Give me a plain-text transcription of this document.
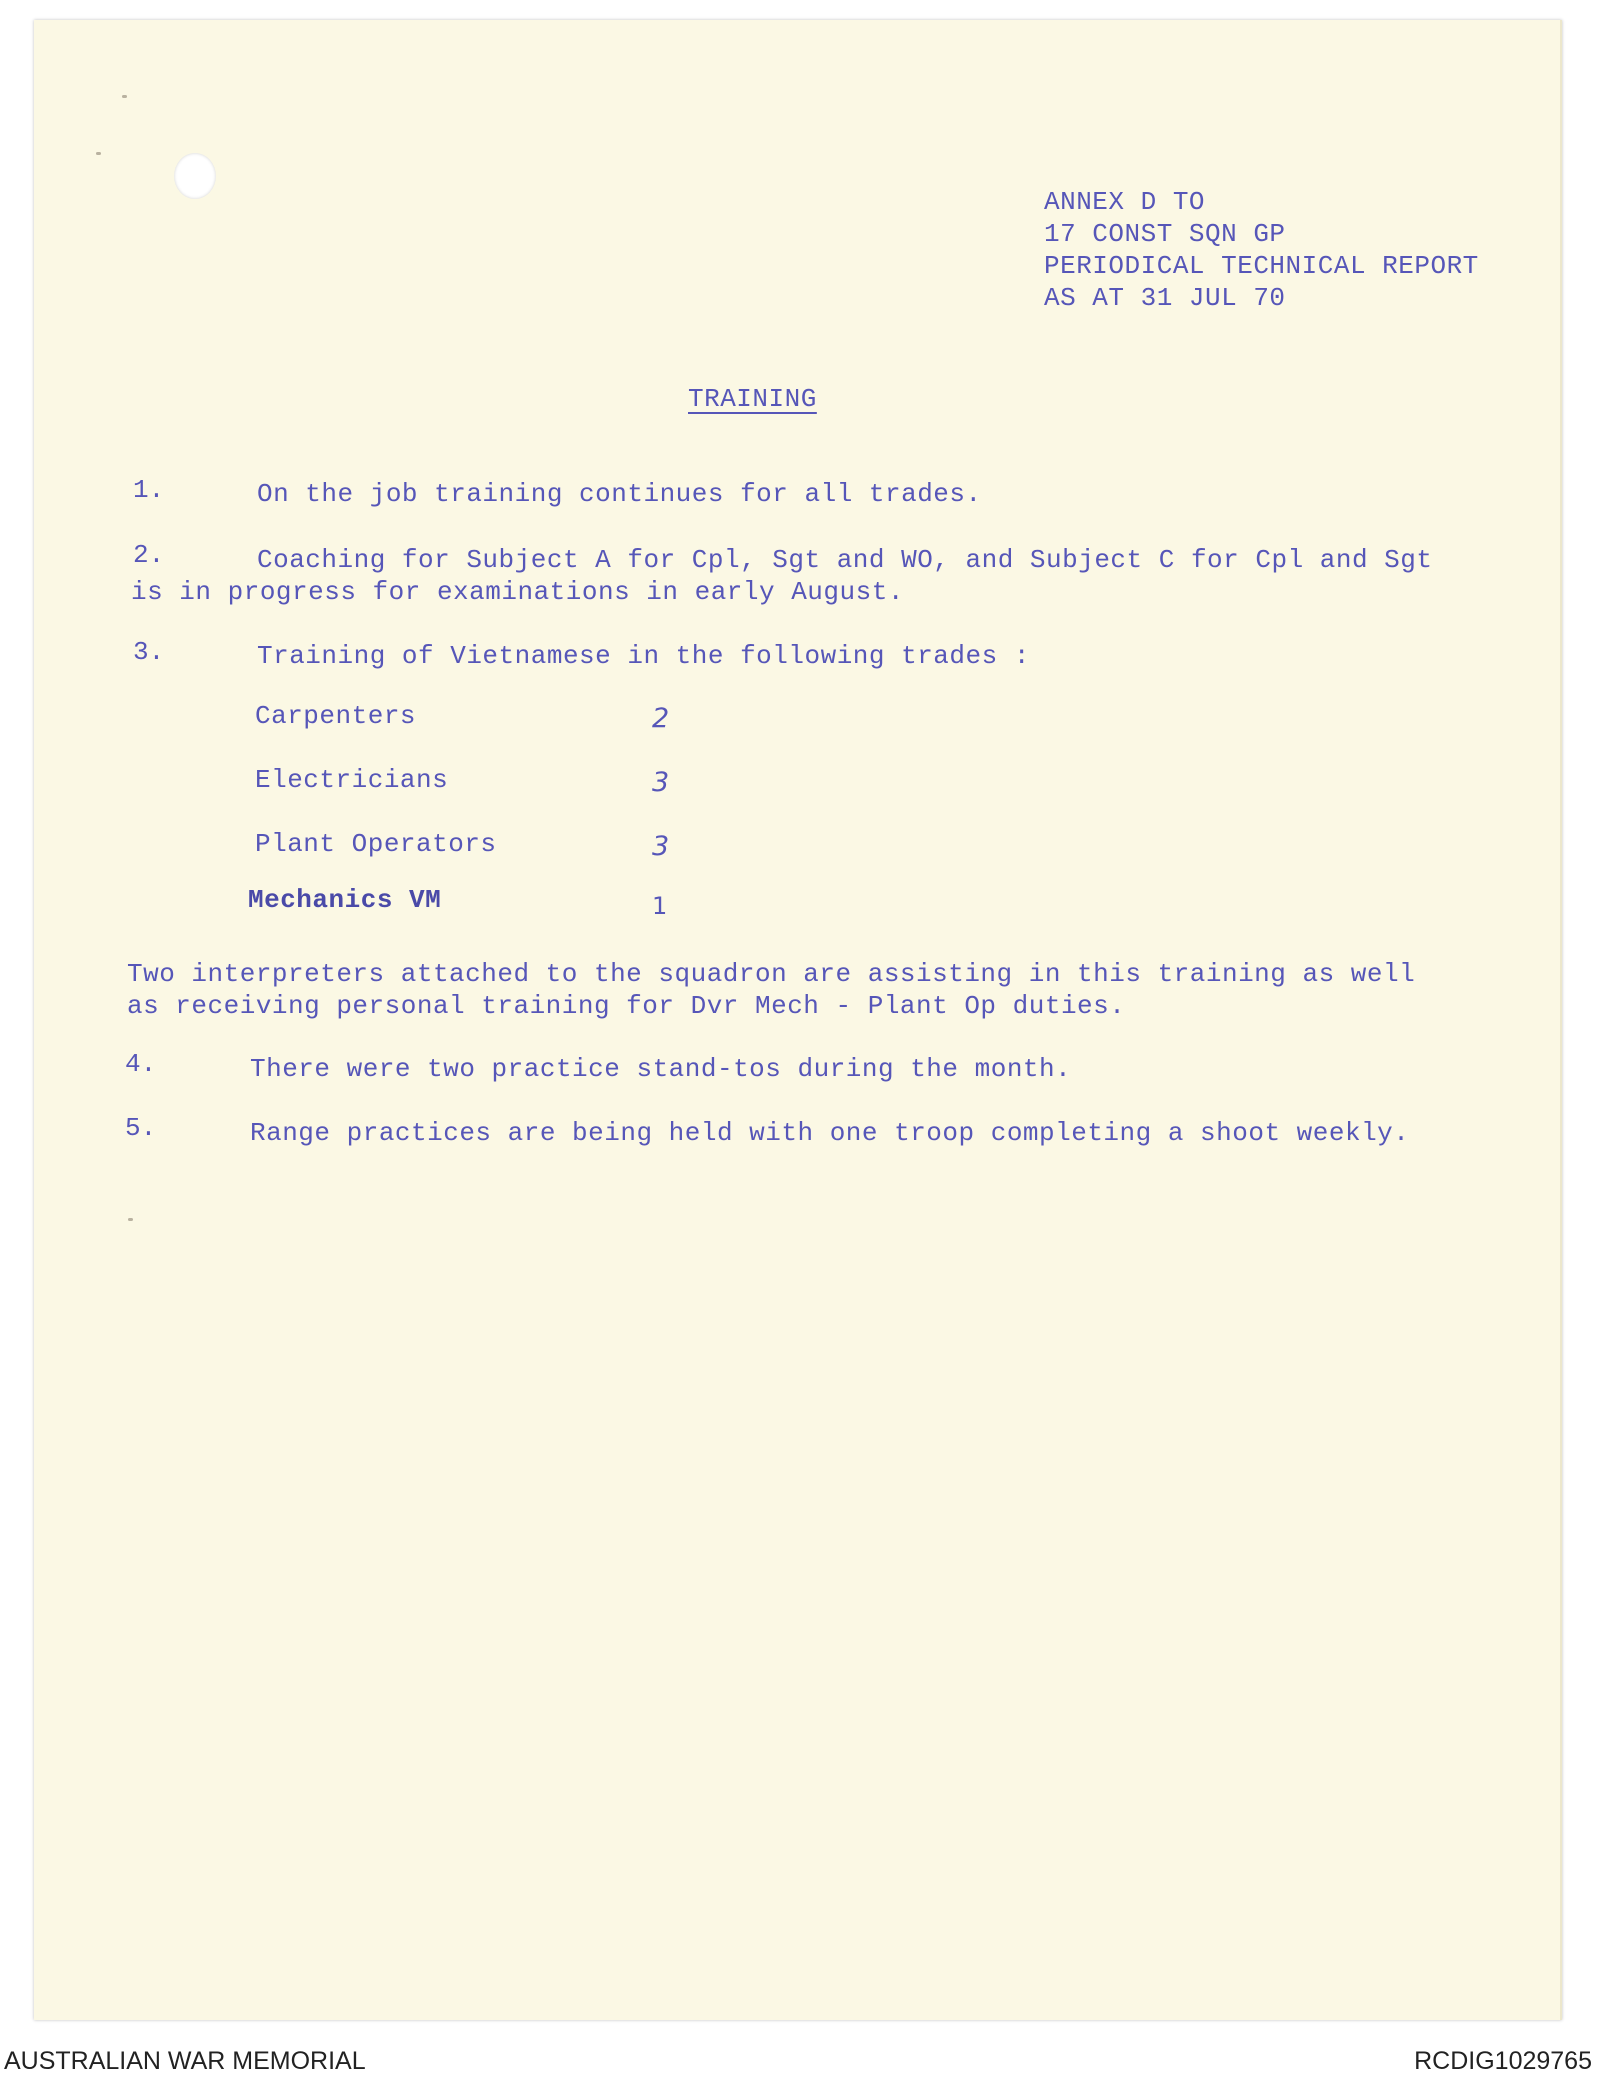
ANNEX D TO
17 CONST SQN GP
PERIODICAL TECHNICAL REPORT
AS AT 31 JUL 70
TRAINING
1.	On the job training continues for all trades.
2.	Coaching for Subject A for Cpl, Sgt and WO, and Subject C for Cpl and Sgt
is in progress for examinations in early August.
3.	Training of Vietnamese in the following trades :
Carpenters	2
Electricians	3
Plant Operators	3
Mechanics VM	1
Two interpreters attached to the squadron are assisting in this training as well
as receiving personal training for Dvr Mech - Plant Op duties.
4.	There were two practice stand-tos during the month.
5.	Range practices are being held with one troop completing a shoot weekly.
AUSTRALIAN WAR MEMORIAL	RCDIG1029765
